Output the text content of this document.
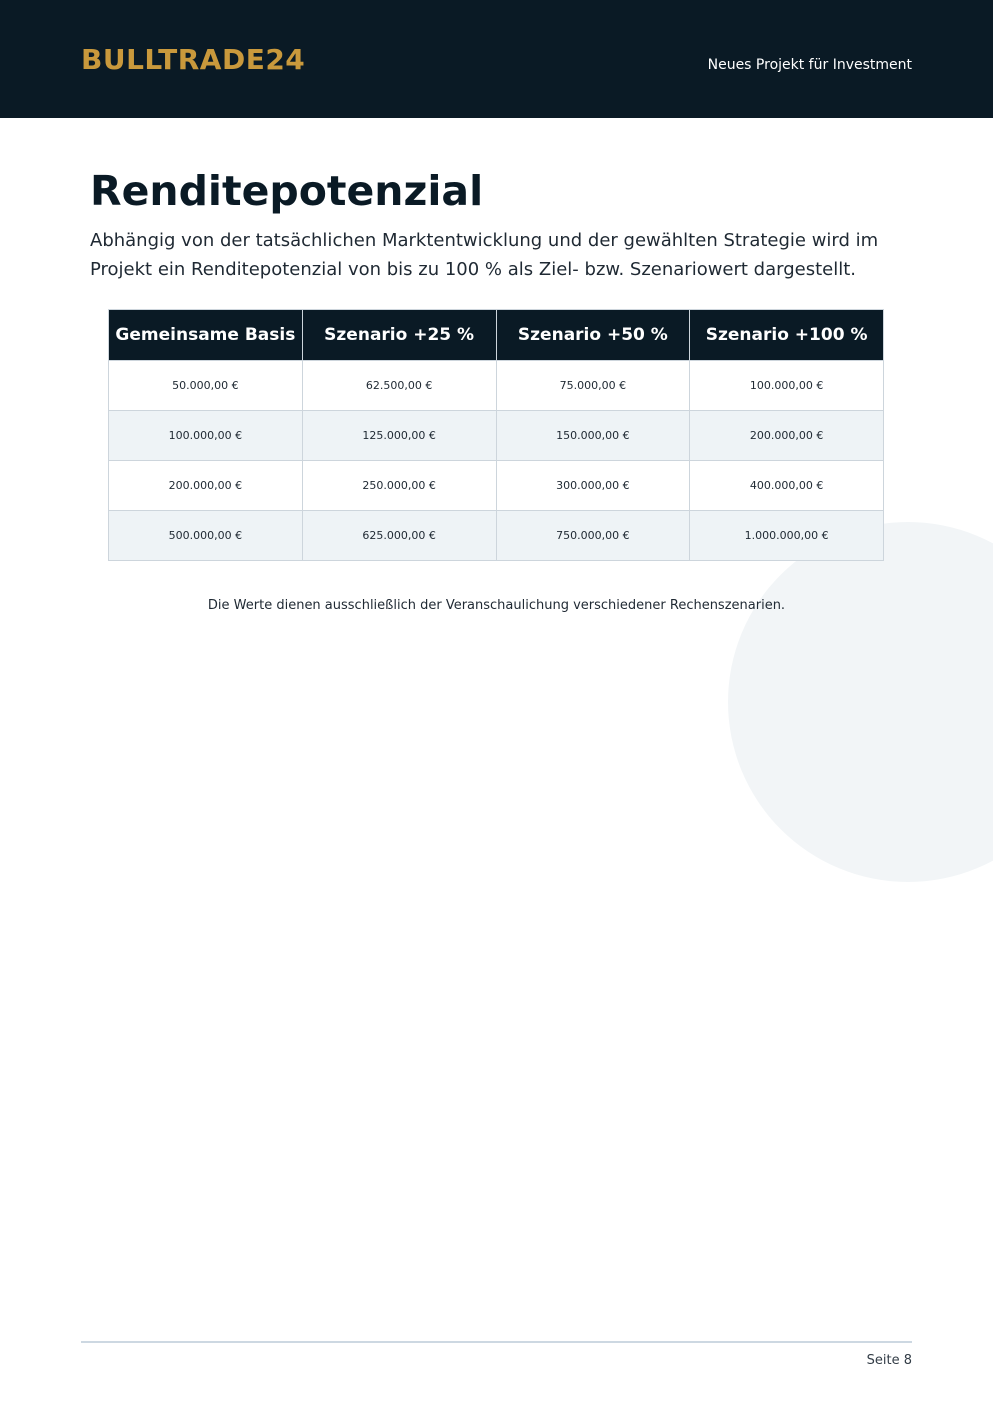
BULLTRADE24	Neues Projekt für Investment
Renditepotenzial

Abhängig von der tatsächlichen Marktentwicklung und der gewählten Strategie wird im Projekt ein Renditepotenzial von bis zu 100 % als Ziel- bzw. Szenariowert dargestellt.

Gemeinsame Basis	Szenario +25 %	Szenario +50 %	Szenario +100 %
50.000,00 €	62.500,00 €	75.000,00 €	100.000,00 €
100.000,00 €	125.000,00 €	150.000,00 €	200.000,00 €
200.000,00 €	250.000,00 €	300.000,00 €	400.000,00 €
500.000,00 €	625.000,00 €	750.000,00 €	1.000.000,00 €
Die Werte dienen ausschließlich der Veranschaulichung verschiedener Rechenszenarien.
Seite 8
